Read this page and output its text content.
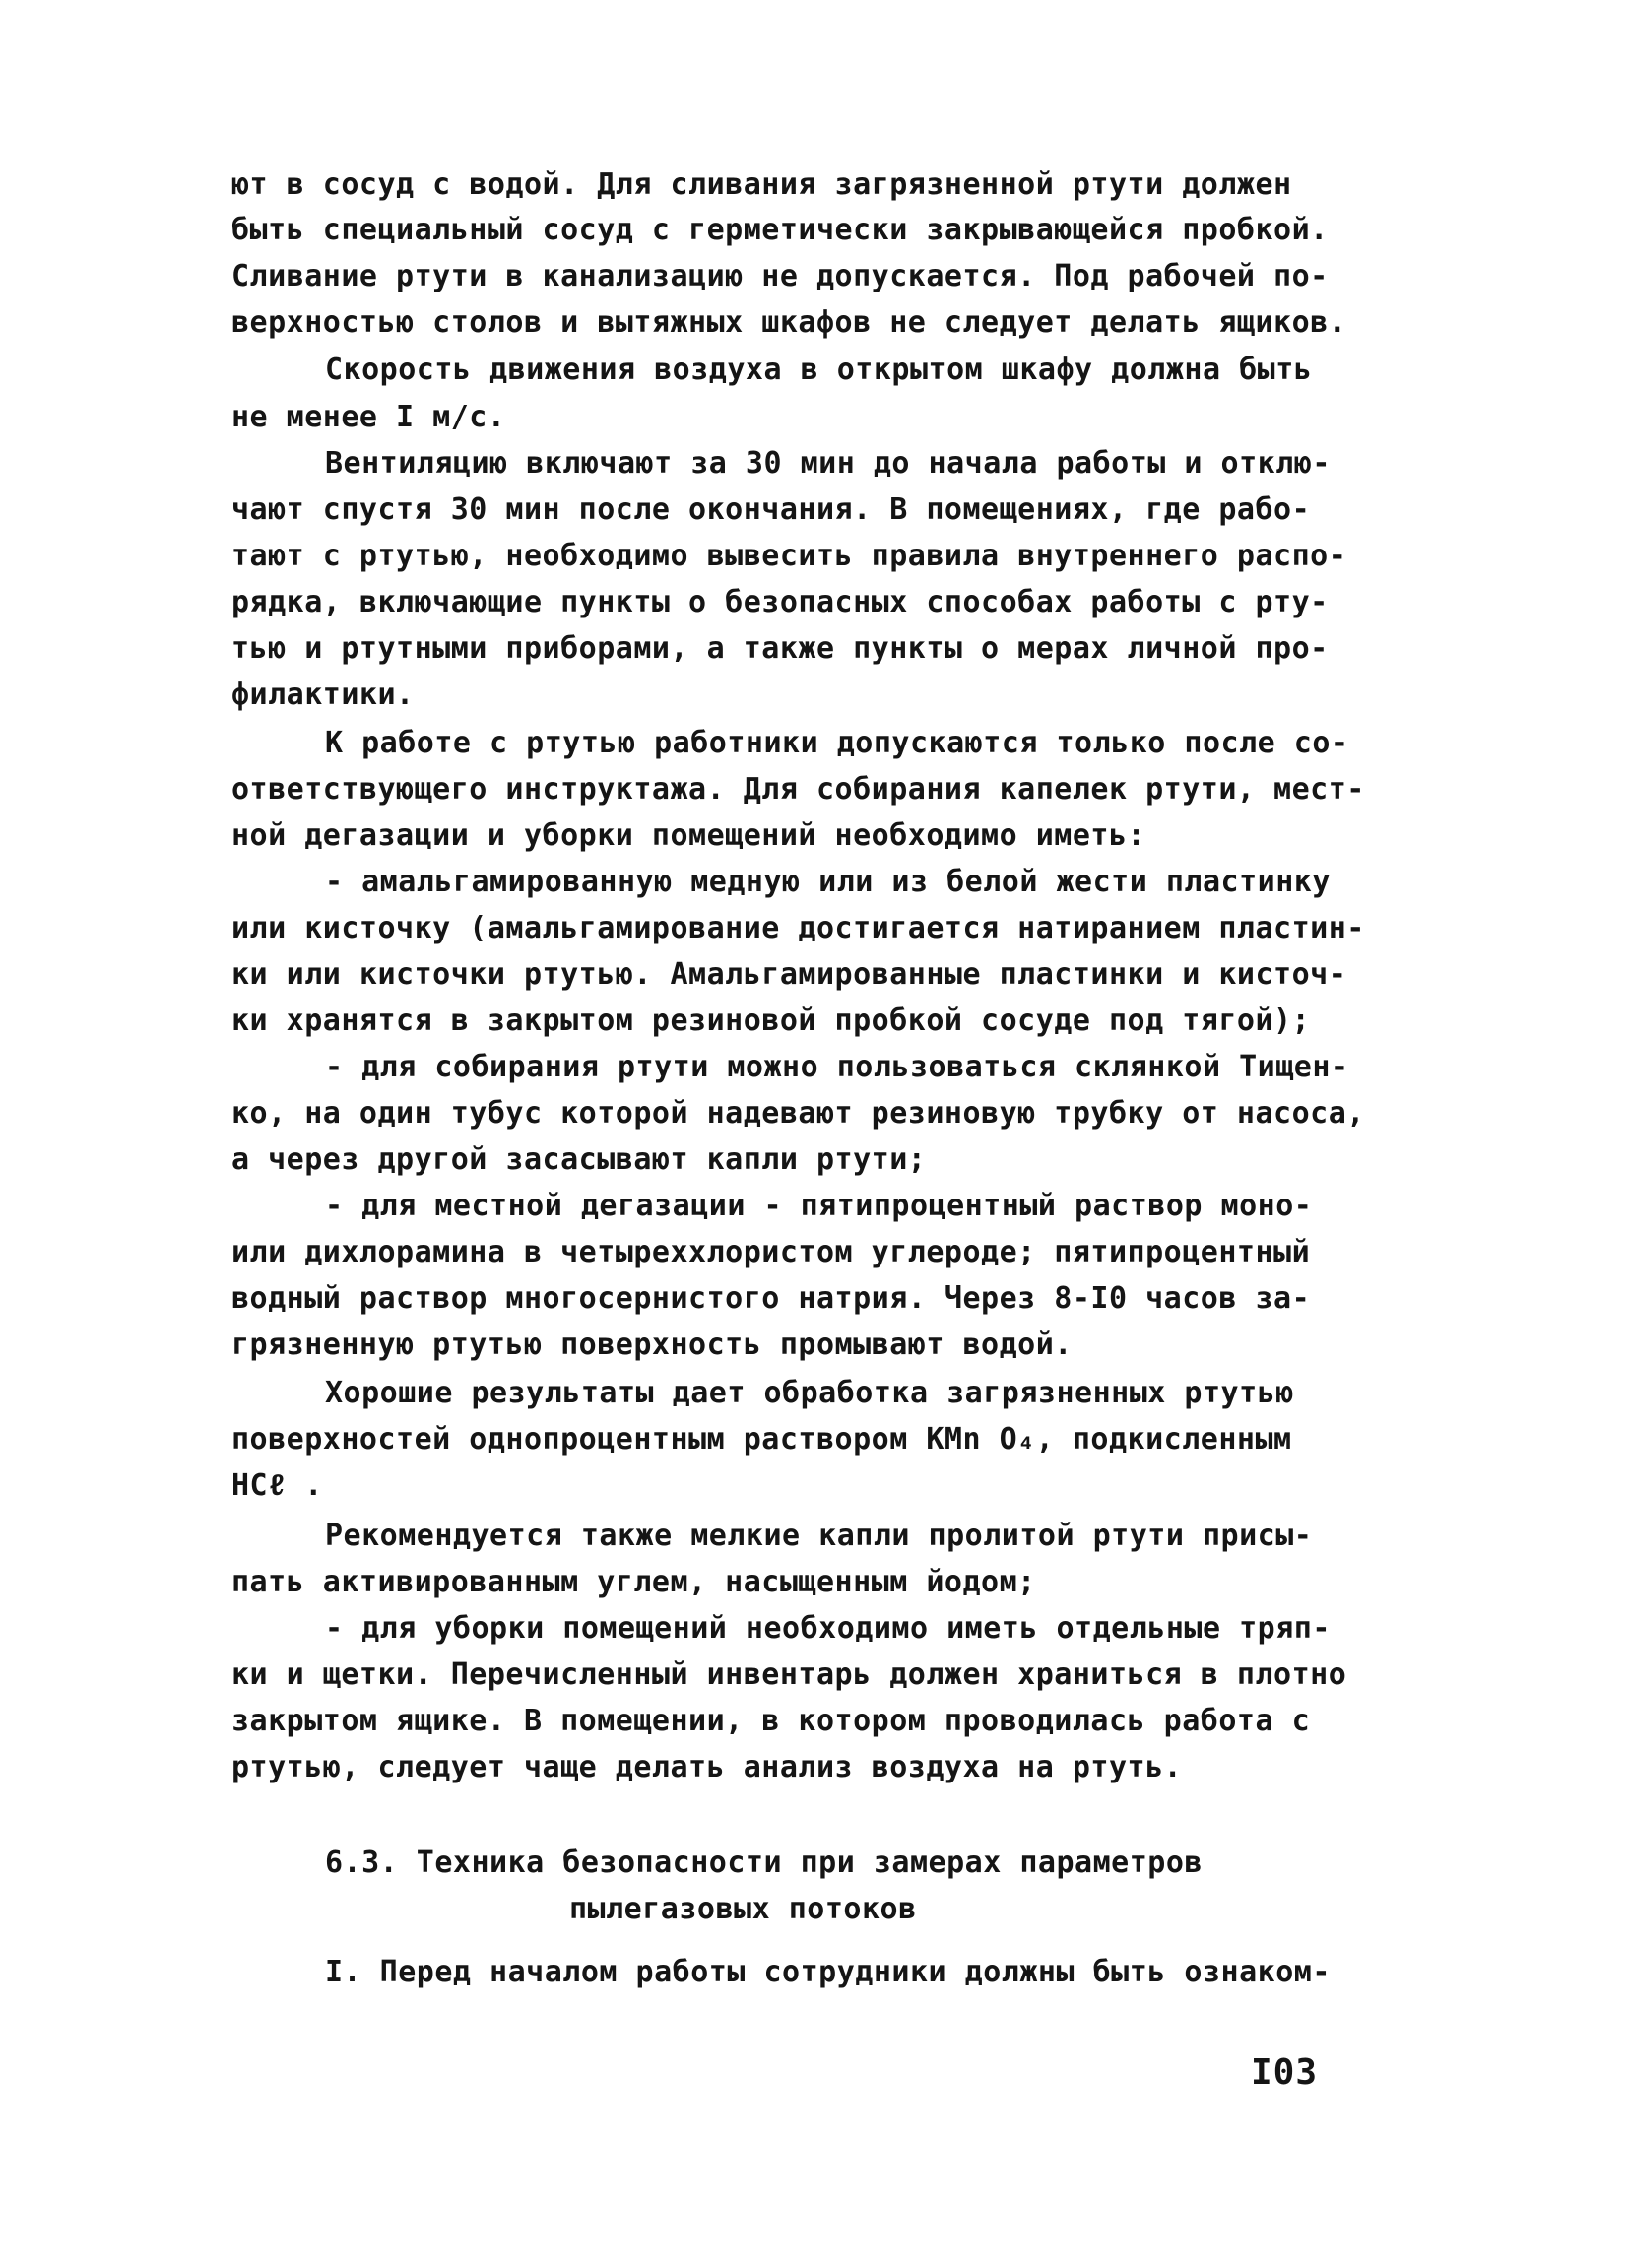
ют в сосуд с водой. Для сливания загрязненной ртути должен
быть специальный сосуд с герметически закрывающейся пробкой.
Сливание ртути в канализацию не допускается. Под рабочей по-
верхностью столов и вытяжных шкафов не следует делать ящиков.
Скорость движения воздуха в открытом шкафу должна быть
не менее I м/с.
Вентиляцию включают за 30 мин до начала работы и отклю-
чают спустя 30 мин после окончания. В помещениях, где рабо-
тают с ртутью, необходимо вывесить правила внутреннего распо-
рядка, включающие пункты о безопасных способах работы с рту-
тью и ртутными приборами, а также пункты о мерах личной про-
филактики.
К работе с ртутью работники допускаются только после со-
ответствующего инструктажа. Для собирания капелек ртути, мест-
ной дегазации и уборки помещений необходимо иметь:
- амальгамированную медную или из белой жести пластинку
или кисточку (амальгамирование достигается натиранием пластин-
ки или кисточки ртутью. Амальгамированные пластинки и кисточ-
ки хранятся в закрытом резиновой пробкой сосуде под тягой);
- для собирания ртути можно пользоваться склянкой Тищен-
ко, на один тубус которой надевают резиновую трубку от насоса,
а через другой засасывают капли ртути;
- для местной дегазации - пятипроцентный раствор моно-
или дихлорамина в четыреххлористом углероде; пятипроцентный
водный раствор многосернистого натрия. Через 8-I0 часов за-
грязненную ртутью поверхность промывают водой.
Хорошие результаты дает обработка загрязненных ртутью
поверхностей однопроцентным раствором КМn O₄, подкисленным
HCℓ .
Рекомендуется также мелкие капли пролитой ртути присы-
пать активированным углем, насыщенным йодом;
- для уборки помещений необходимо иметь отдельные тряп-
ки и щетки. Перечисленный инвентарь должен храниться в плотно
закрытом ящике. В помещении, в котором проводилась работа с
ртутью, следует чаще делать анализ воздуха на ртуть.
6.3. Техника безопасности при замерах параметров
пылегазовых потоков
I. Перед началом работы сотрудники должны быть ознаком-
I03
